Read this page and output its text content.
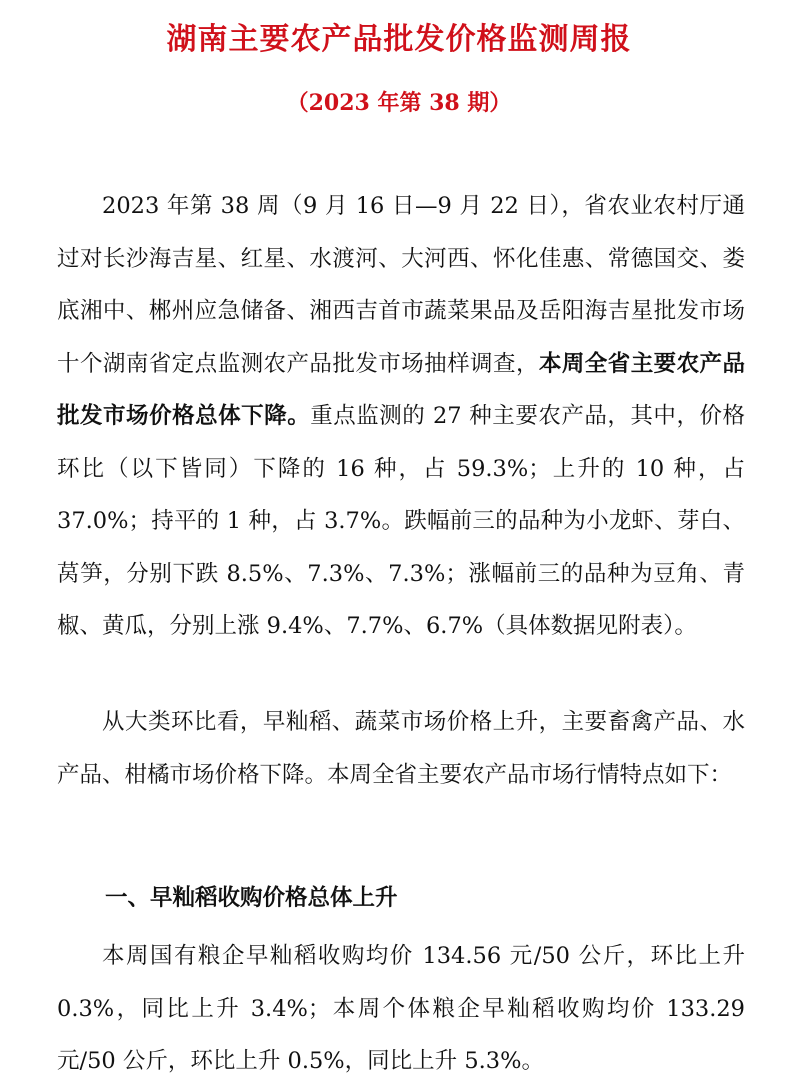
湖南主要农产品批发价格监测周报
（2023 年第 38 期）

2023 年第 38 周（9 月 16 日—9 月 22 日），省农业农村厅通过对长沙海吉星、红星、水渡河、大河西、怀化佳惠、常德国交、娄底湘中、郴州应急储备、湘西吉首市蔬菜果品及岳阳海吉星批发市场十个湖南省定点监测农产品批发市场抽样调查，本周全省主要农产品批发市场价格总体下降。重点监测的 27 种主要农产品，其中，价格环比（以下皆同）下降的 16 种，占 59.3%；上升的 10 种，占 37.0%；持平的 1 种，占 3.7%。跌幅前三的品种为小龙虾、芽白、莴笋，分别下跌 8.5%、7.3%、7.3%；涨幅前三的品种为豆角、青椒、黄瓜，分别上涨 9.4%、7.7%、6.7%（具体数据见附表）。

从大类环比看，早籼稻、蔬菜市场价格上升，主要畜禽产品、水产品、柑橘市场价格下降。本周全省主要农产品市场行情特点如下：

一、早籼稻收购价格总体上升

本周国有粮企早籼稻收购均价 134.56 元/50 公斤，环比上升 0.3%，同比上升 3.4%；本周个体粮企早籼稻收购均价 133.29 元/50 公斤，环比上升 0.5%，同比上升 5.3%。
